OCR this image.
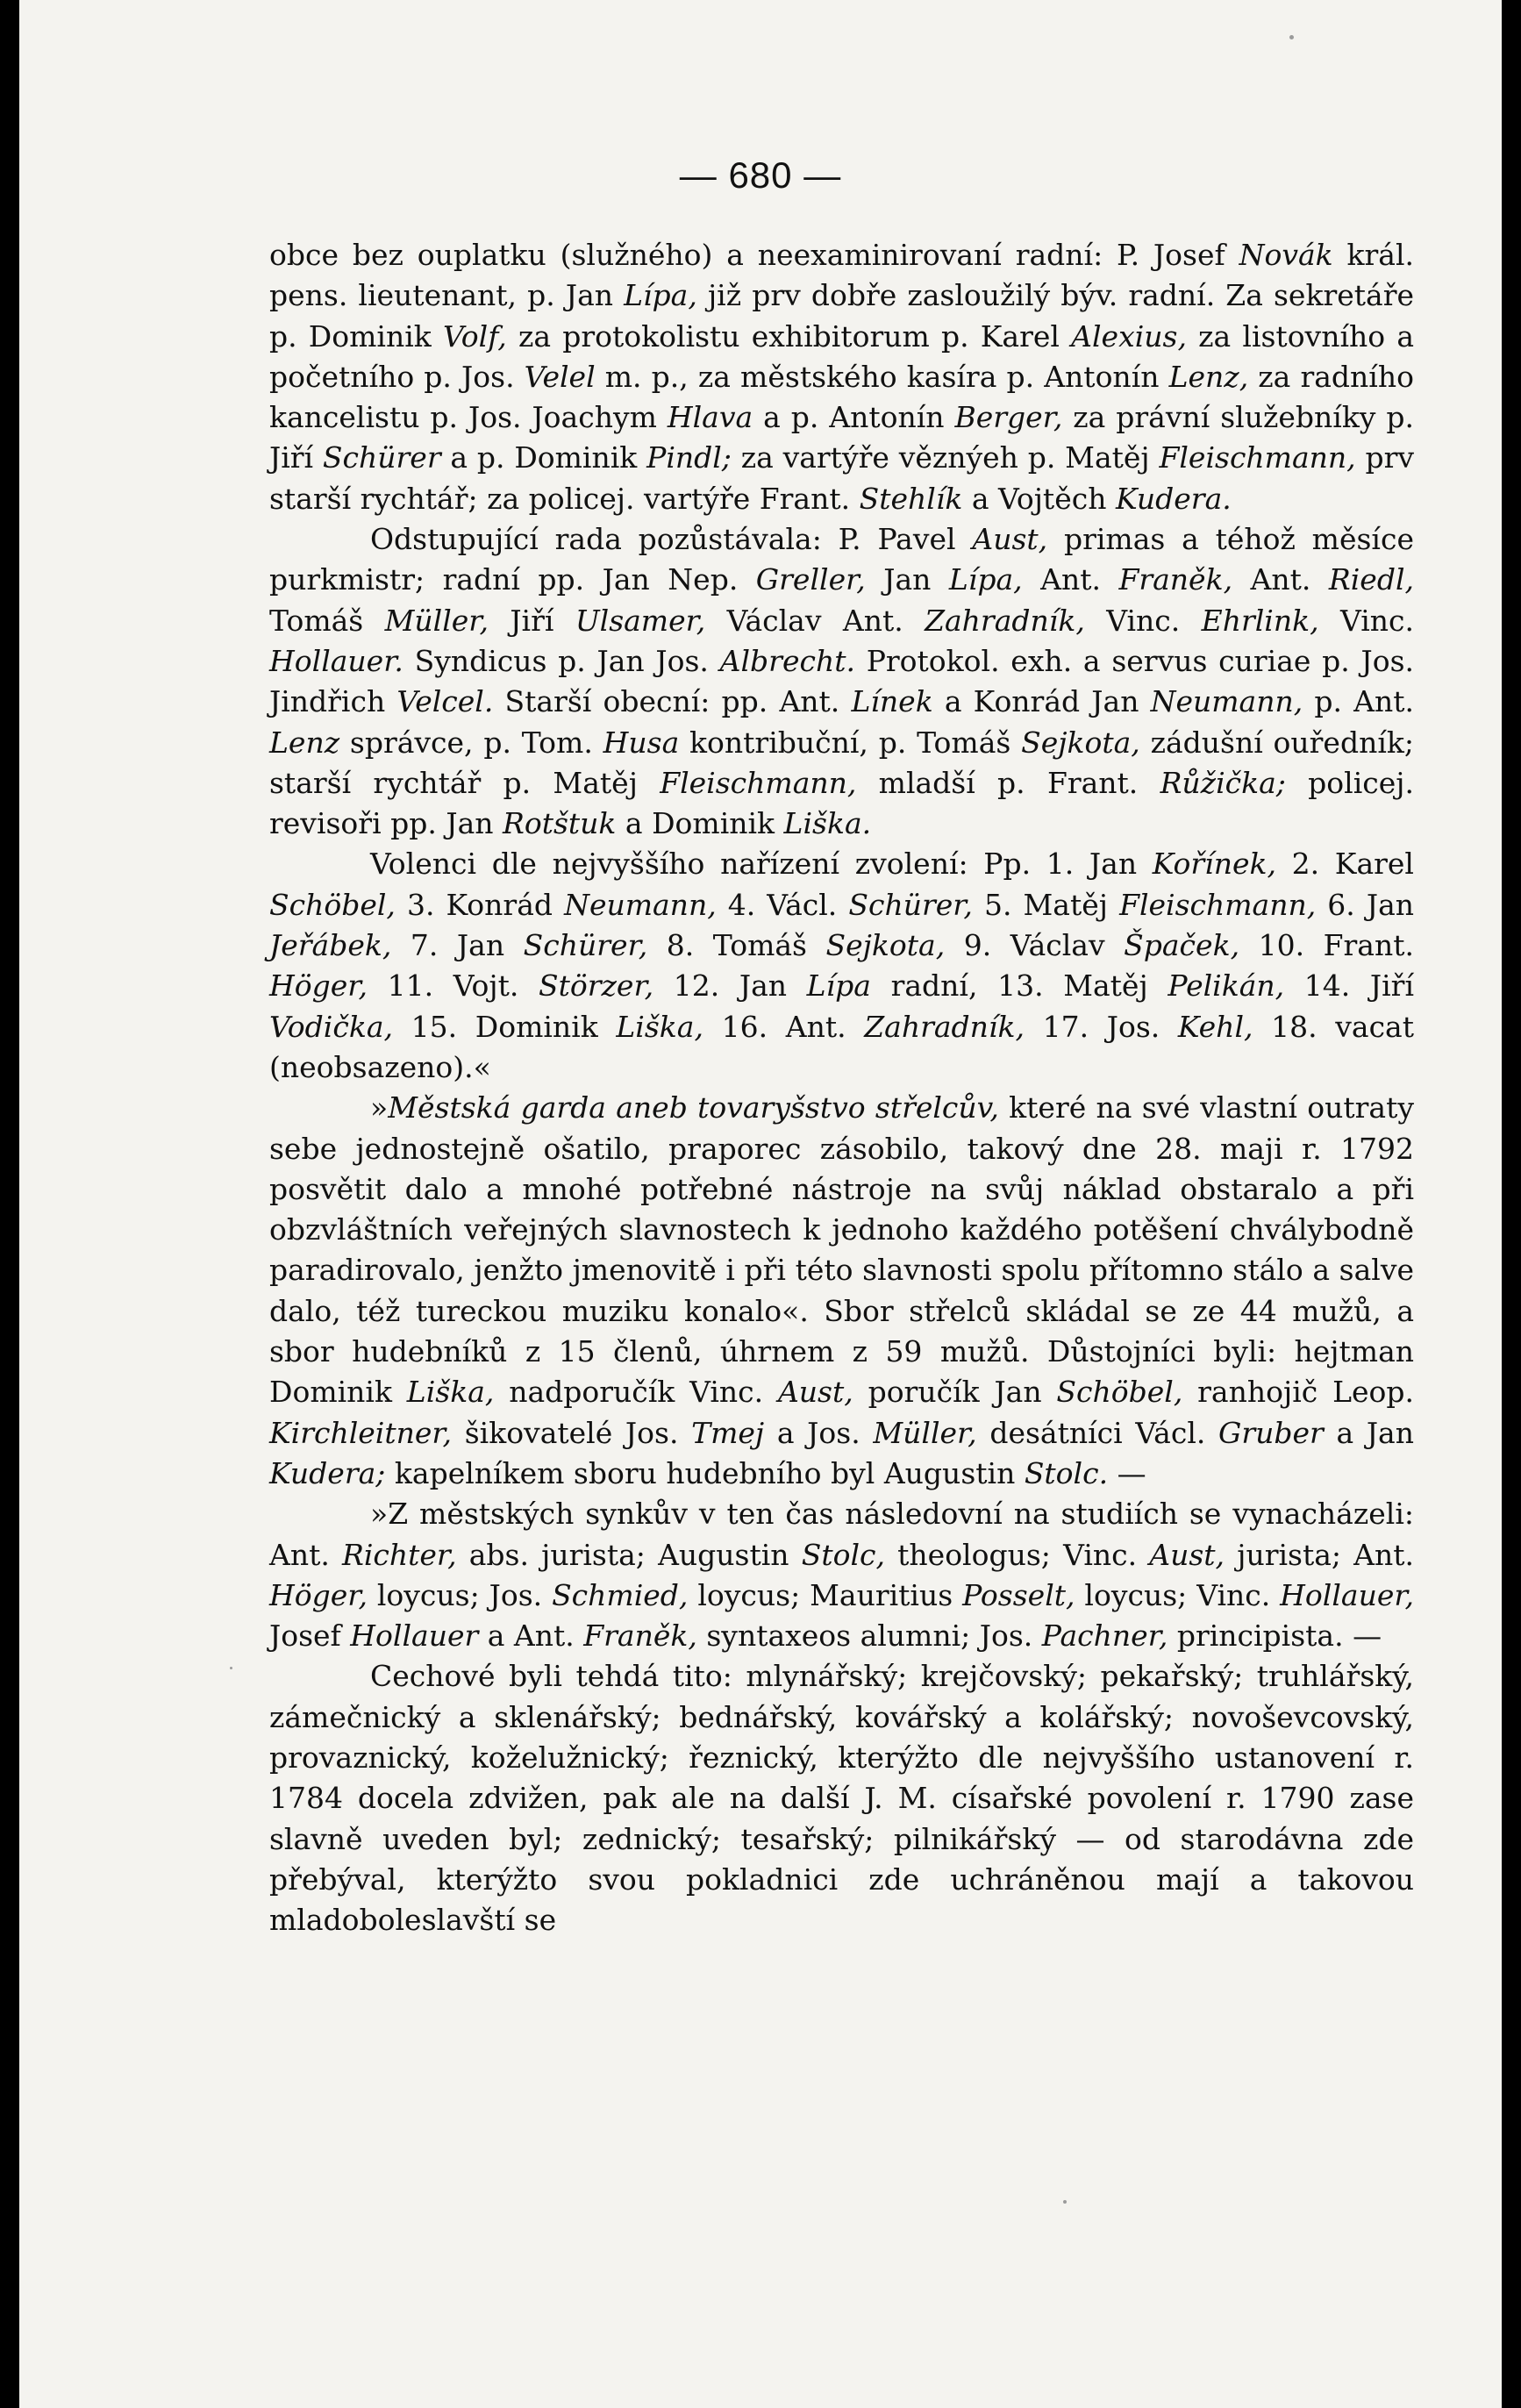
— 680 —

obce bez ouplatku (služného) a neexaminirovaní radní: P. Josef Novák král. pens. lieutenant, p. Jan Lípa, již prv dobře zasloužilý býv. radní. Za sekretáře p. Dominik Volf, za protokolistu exhibitorum p. Karel Alexius, za listovního a početního p. Jos. Velel m. p., za městského kasíra p. Antonín Lenz, za radního kancelistu p. Jos. Joachym Hlava a p. Antonín Berger, za právní služebníky p. Jiří Schürer a p. Dominik Pindl; za vartýře věznýeh p. Matěj Fleischmann, prv starší rychtář; za policej. vartýře Frant. Stehlík a Vojtěch Kudera.

Odstupující rada pozůstávala: P. Pavel Aust, primas a téhož měsíce purkmistr; radní pp. Jan Nep. Greller, Jan Lípa, Ant. Franěk, Ant. Riedl, Tomáš Müller, Jiří Ulsamer, Václav Ant. Zahradník, Vinc. Ehrlink, Vinc. Hollauer. Syndicus p. Jan Jos. Albrecht. Protokol. exh. a servus curiae p. Jos. Jindřich Velcel. Starší obecní: pp. Ant. Línek a Konrád Jan Neumann, p. Ant. Lenz správce, p. Tom. Husa kontribuční, p. Tomáš Sejkota, zádušní ouředník; starší rychtář p. Matěj Fleischmann, mladší p. Frant. Růžička; policej. revisoři pp. Jan Rotštuk a Dominik Liška.

Volenci dle nejvyššího nařízení zvolení: Pp. 1. Jan Kořínek, 2. Karel Schöbel, 3. Konrád Neumann, 4. Václ. Schürer, 5. Matěj Fleischmann, 6. Jan Jeřábek, 7. Jan Schürer, 8. Tomáš Sejkota, 9. Václav Špaček, 10. Frant. Höger, 11. Vojt. Störzer, 12. Jan Lípa radní, 13. Matěj Pelikán, 14. Jiří Vodička, 15. Dominik Liška, 16. Ant. Zahradník, 17. Jos. Kehl, 18. vacat (neobsazeno).«

»Městská garda aneb tovaryšstvo střelcův, které na své vlastní outraty sebe jednostejně ošatilo, praporec zásobilo, takový dne 28. maji r. 1792 posvětit dalo a mnohé potřebné nástroje na svůj náklad obstaralo a při obzvláštních veřejných slavnostech k jednoho každého potěšení chválybodně paradirovalo, jenžto jmenovitě i při této slavnosti spolu přítomno stálo a salve dalo, též tureckou muziku konalo«. Sbor střelců skládal se ze 44 mužů, a sbor hudebníků z 15 členů, úhrnem z 59 mužů. Důstojníci byli: hejtman Dominik Liška, nadporučík Vinc. Aust, poručík Jan Schöbel, ranhojič Leop. Kirchleitner, šikovatelé Jos. Tmej a Jos. Müller, desátníci Václ. Gruber a Jan Kudera; kapelníkem sboru hudebního byl Augustin Stolc. —

»Z městských synkův v ten čas následovní na studiích se vynacházeli: Ant. Richter, abs. jurista; Augustin Stolc, theologus; Vinc. Aust, jurista; Ant. Höger, loycus; Jos. Schmied, loycus; Mauritius Posselt, loycus; Vinc. Hollauer, Josef Hollauer a Ant. Franěk, syntaxeos alumni; Jos. Pachner, principista. —

Cechové byli tehdá tito: mlynářský; krejčovský; pekařský; truhlářský, zámečnický a sklenářský; bednářský, kovářský a kolářský; novoševcovský, provaznický, koželužnický; řeznický, kterýžto dle nejvyššího ustanovení r. 1784 docela zdvižen, pak ale na další J. M. císařské povolení r. 1790 zase slavně uveden byl; zednický; tesařský; pilnikářský — od starodávna zde přebýval, kterýžto svou pokladnici zde uchráněnou mají a takovou mladoboleslavští se
